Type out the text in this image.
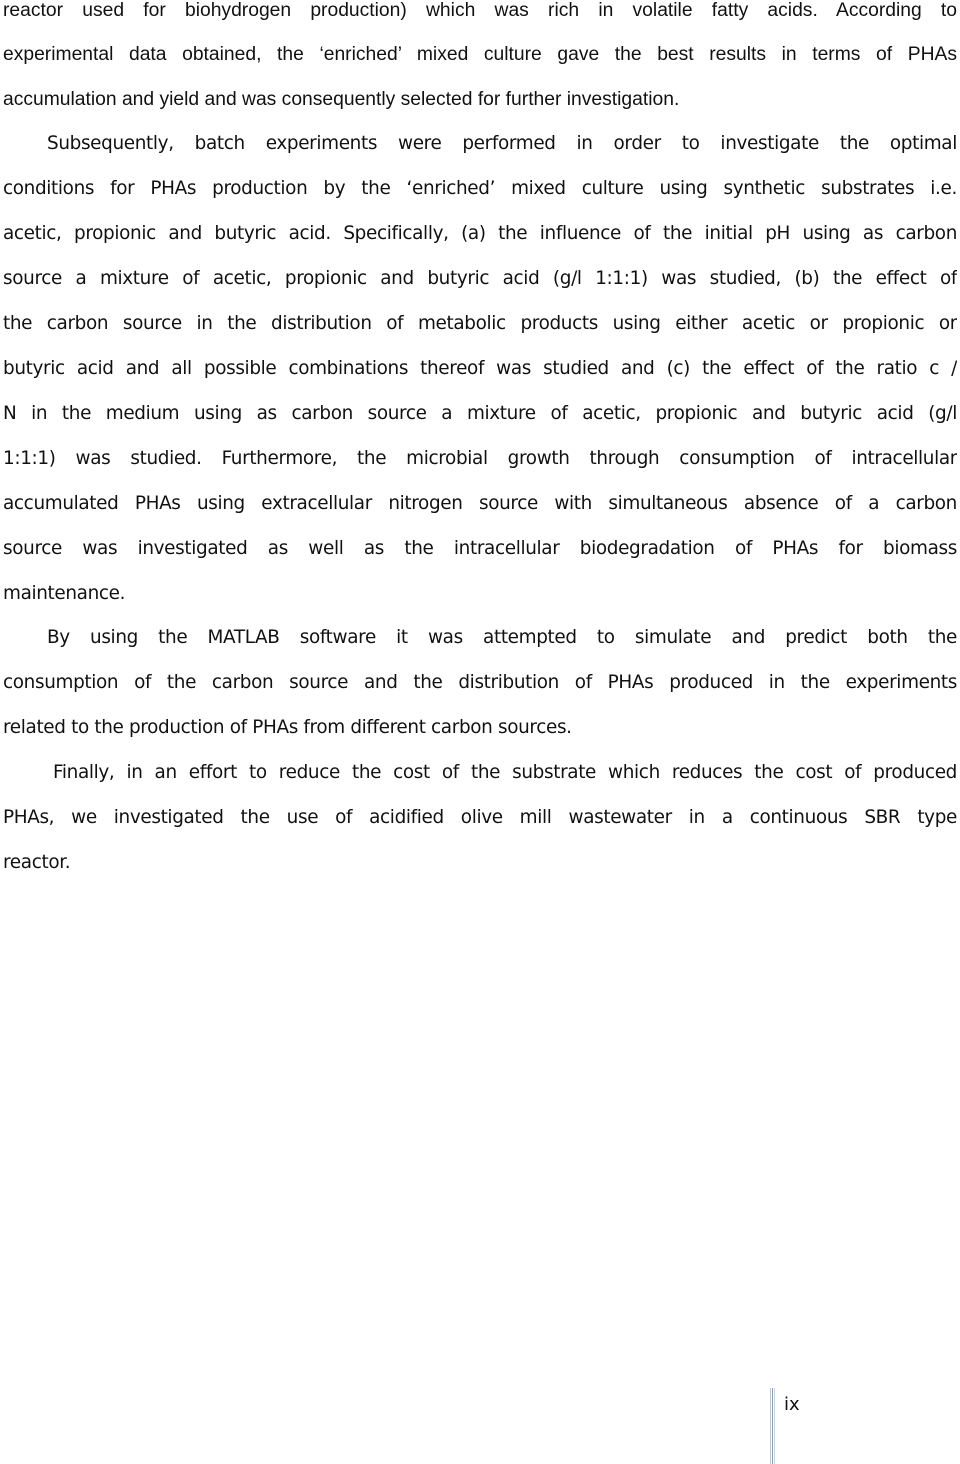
reactor used for biohydrogen production) which was rich in volatile fatty acids. According to
experimental data obtained, the ‘enriched’ mixed culture gave the best results in terms of PHAs
accumulation and yield and was consequently selected for further investigation.
Subsequently, batch experiments were performed in order to investigate the optimal
conditions for PHAs production by the ‘enriched’ mixed culture using synthetic substrates i.e.
acetic, propionic and butyric acid. Specifically, (a) the influence of the initial pH using as carbon
source a mixture of acetic, propionic and butyric acid (g/l 1:1:1) was studied, (b) the effect of
the carbon source in the distribution of metabolic products using either acetic or propionic or
butyric acid and all possible combinations thereof was studied and (c) the effect of the ratio c /
N in the medium using as carbon source a mixture of acetic, propionic and butyric acid (g/l
1:1:1) was studied. Furthermore, the microbial growth through consumption of intracellular
accumulated PHAs using extracellular nitrogen source with simultaneous absence of a carbon
source was investigated as well as the intracellular biodegradation of PHAs for biomass
maintenance.
By using the MATLAB software it was attempted to simulate and predict both the
consumption of the carbon source and the distribution of PHAs produced in the experiments
related to the production of PHAs from different carbon sources.
Finally, in an effort to reduce the cost of the substrate which reduces the cost of produced
PHAs, we investigated the use of acidified olive mill wastewater in a continuous SBR type
reactor.
ix
